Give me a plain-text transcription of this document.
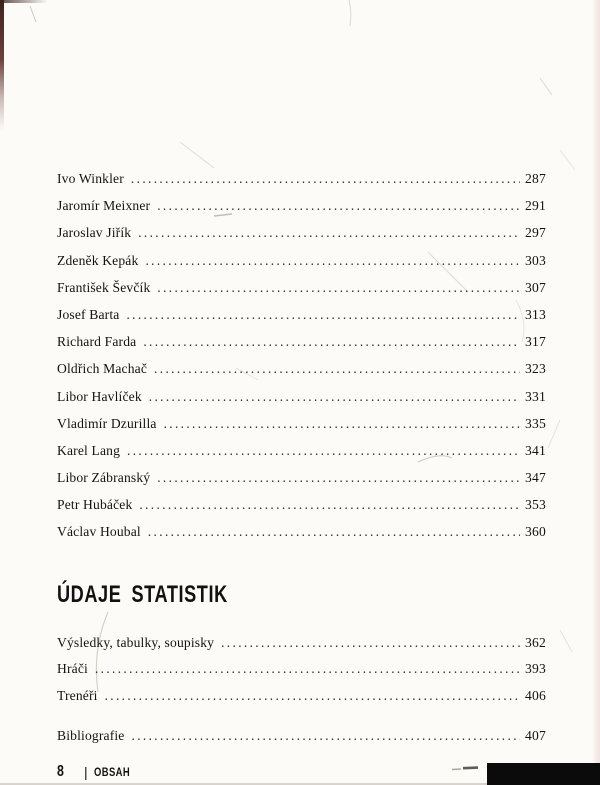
Ivo Winkler .....	287
Jaromír Meixner .....	291
Jaroslav Jiřík .....	297
Zdeněk Kepák .....	303
František Ševčík .....	307
Josef Barta .....	313
Richard Farda .....	317
Oldřich Machač .....	323
Libor Havlíček .....	331
Vladimír Dzurilla .....	335
Karel Lang .....	341
Libor Zábranský .....	347
Petr Hubáček .....	353
Václav Houbal .....	360
ÚDAJE STATISTIK
Výsledky, tabulky, soupisky .....	362
Hráči .....	393
Trenéři .....	406
Bibliografie .....	407
8 | OBSAH
